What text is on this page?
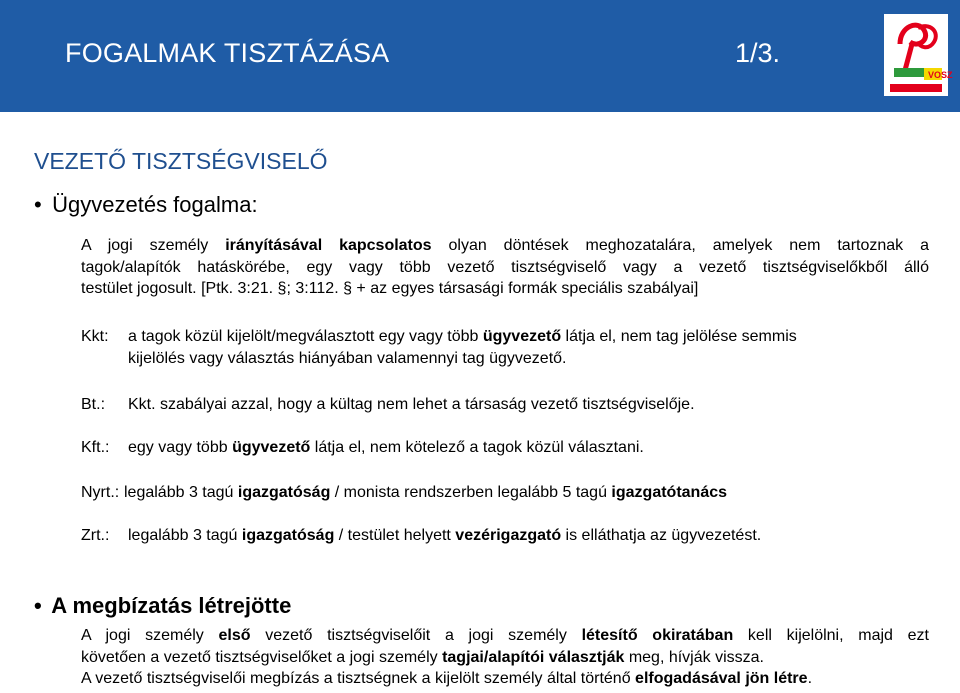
FOGALMAK TISZTÁZÁSA	1/3.
VOSZ
VEZETŐ TISZTSÉGVISELŐ
• Ügyvezetés fogalma:
A jogi személy irányításával kapcsolatos olyan döntések meghozatalára, amelyek nem tartoznak a
tagok/alapítók hatáskörébe, egy vagy több vezető tisztségviselő vagy a vezető tisztségviselőkből álló
testület jogosult. [Ptk. 3:21. §; 3:112. § + az egyes társasági formák speciális szabályai]
Kkt: a tagok közül kijelölt/megválasztott egy vagy több ügyvezető látja el, nem tag jelölése semmis
kijelölés vagy választás hiányában valamennyi tag ügyvezető.
Bt.: Kkt. szabályai azzal, hogy a kültag nem lehet a társaság vezető tisztségviselője.
Kft.: egy vagy több ügyvezető látja el, nem kötelező a tagok közül választani.
Nyrt.: legalább 3 tagú igazgatóság / monista rendszerben legalább 5 tagú igazgatótanács
Zrt.: legalább 3 tagú igazgatóság / testület helyett vezérigazgató is elláthatja az ügyvezetést.
• A megbízatás létrejötte
A jogi személy első vezető tisztségviselőit a jogi személy létesítő okiratában kell kijelölni, majd ezt
követően a vezető tisztségviselőket a jogi személy tagjai/alapítói választják meg, hívják vissza.
A vezető tisztségviselői megbízás a tisztségnek a kijelölt személy által történő elfogadásával jön létre.
